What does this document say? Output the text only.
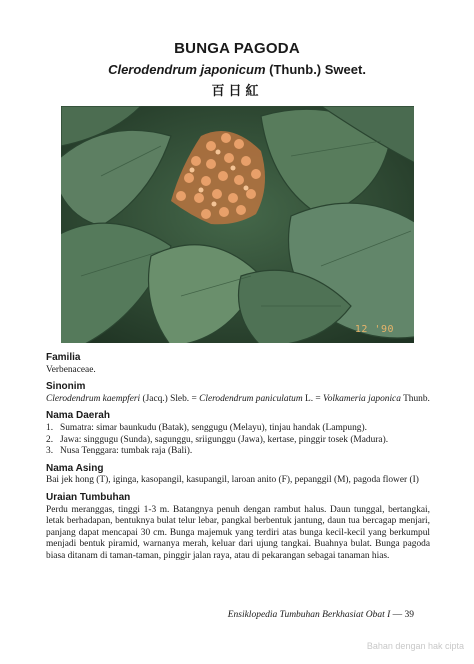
BUNGA PAGODA
Clerodendrum japonicum (Thunb.) Sweet.
百日紅
12 '90
Familia

Verbenaceae.

Sinonim

Clerodendrum kaempferi (Jacq.) Sleb. = Clerodendrum paniculatum L. = Volkameria japonica Thunb.

Nama Daerah
1. Sumatra: simar baunkudu (Batak), senggugu (Melayu), tinjau handak (Lampung).
2. Jawa: singgugu (Sunda), sagunggu, sriigunggu (Jawa), kertase, pinggir tosek (Madura).
3. Nusa Tenggara: tumbak raja (Bali).
Nama Asing

Bai jek hong (T), iginga, kasopangil, kasupangil, laroan anito (F), pepanggil (M), pagoda flower (I)

Uraian Tumbuhan

Perdu meranggas, tinggi 1-3 m. Batangnya penuh dengan rambut halus. Daun tunggal, bertangkai, letak berhadapan, bentuknya bulat telur lebar, pangkal berbentuk jantung, daun tua bercagap menjari, panjang dapat mencapai 30 cm. Bunga majemuk yang terdiri atas bunga kecil-kecil yang berkumpul menjadi bentuk piramid, warnanya merah, keluar dari ujung tangkai. Buahnya bulat. Bunga pagoda biasa ditanam di taman-taman, pinggir jalan raya, atau di pekarangan sebagai tanaman hias.

Ensiklopedia Tumbuhan Berkhasiat Obat I — 39
Bahan dengan hak cipta
